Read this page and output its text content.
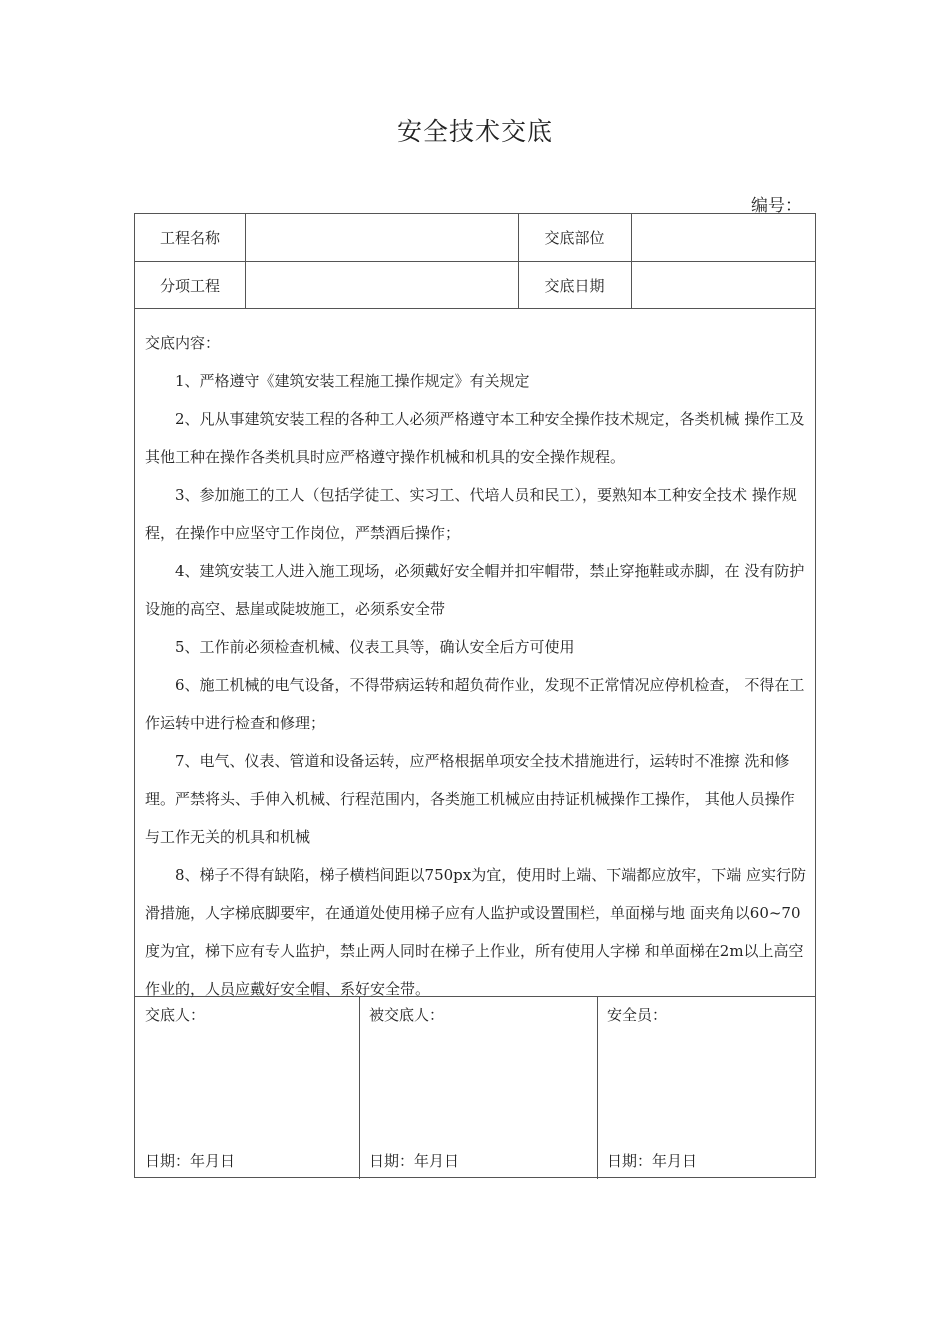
安全技术交底
编号：
工程名称	交底部位
分项工程	交底日期

交底内容：

1、严格遵守《建筑安装工程施工操作规定》有关规定

2、凡从事建筑安装工程的各种工人必须严格遵守本工种安全操作技术规定，各类机械 操作工及其他工种在操作各类机具时应严格遵守操作机械和机具的安全操作规程。

3、参加施工的工人（包括学徒工、实习工、代培人员和民工），要熟知本工种安全技术 操作规程，在操作中应坚守工作岗位，严禁酒后操作；

4、建筑安装工人进入施工现场，必须戴好安全帽并扣牢帽带，禁止穿拖鞋或赤脚，在 没有防护设施的高空、悬崖或陡坡施工，必须系安全带

5、工作前必须检查机械、仪表工具等，确认安全后方可使用

6、施工机械的电气设备，不得带病运转和超负荷作业，发现不正常情况应停机检查， 不得在工作运转中进行检查和修理；

7、电气、仪表、管道和设备运转，应严格根据单项安全技术措施进行，运转时不准擦 洗和修理。严禁将头、手伸入机械、行程范围内，各类施工机械应由持证机械操作工操作， 其他人员操作与工作无关的机具和机械

8、梯子不得有缺陷，梯子横档间距以750px为宜，使用时上端、下端都应放牢，下端 应实行防滑措施，人字梯底脚要牢，在通道处使用梯子应有人监护或设置围栏，单面梯与地 面夹角以60~70度为宜，梯下应有专人监护，禁止两人同时在梯子上作业，所有使用人字梯 和单面梯在2m以上高空作业的，人员应戴好安全帽、系好安全带。

交底人：	被交底人：	安全员：
日期：年月日	日期：年月日	日期：年月日
